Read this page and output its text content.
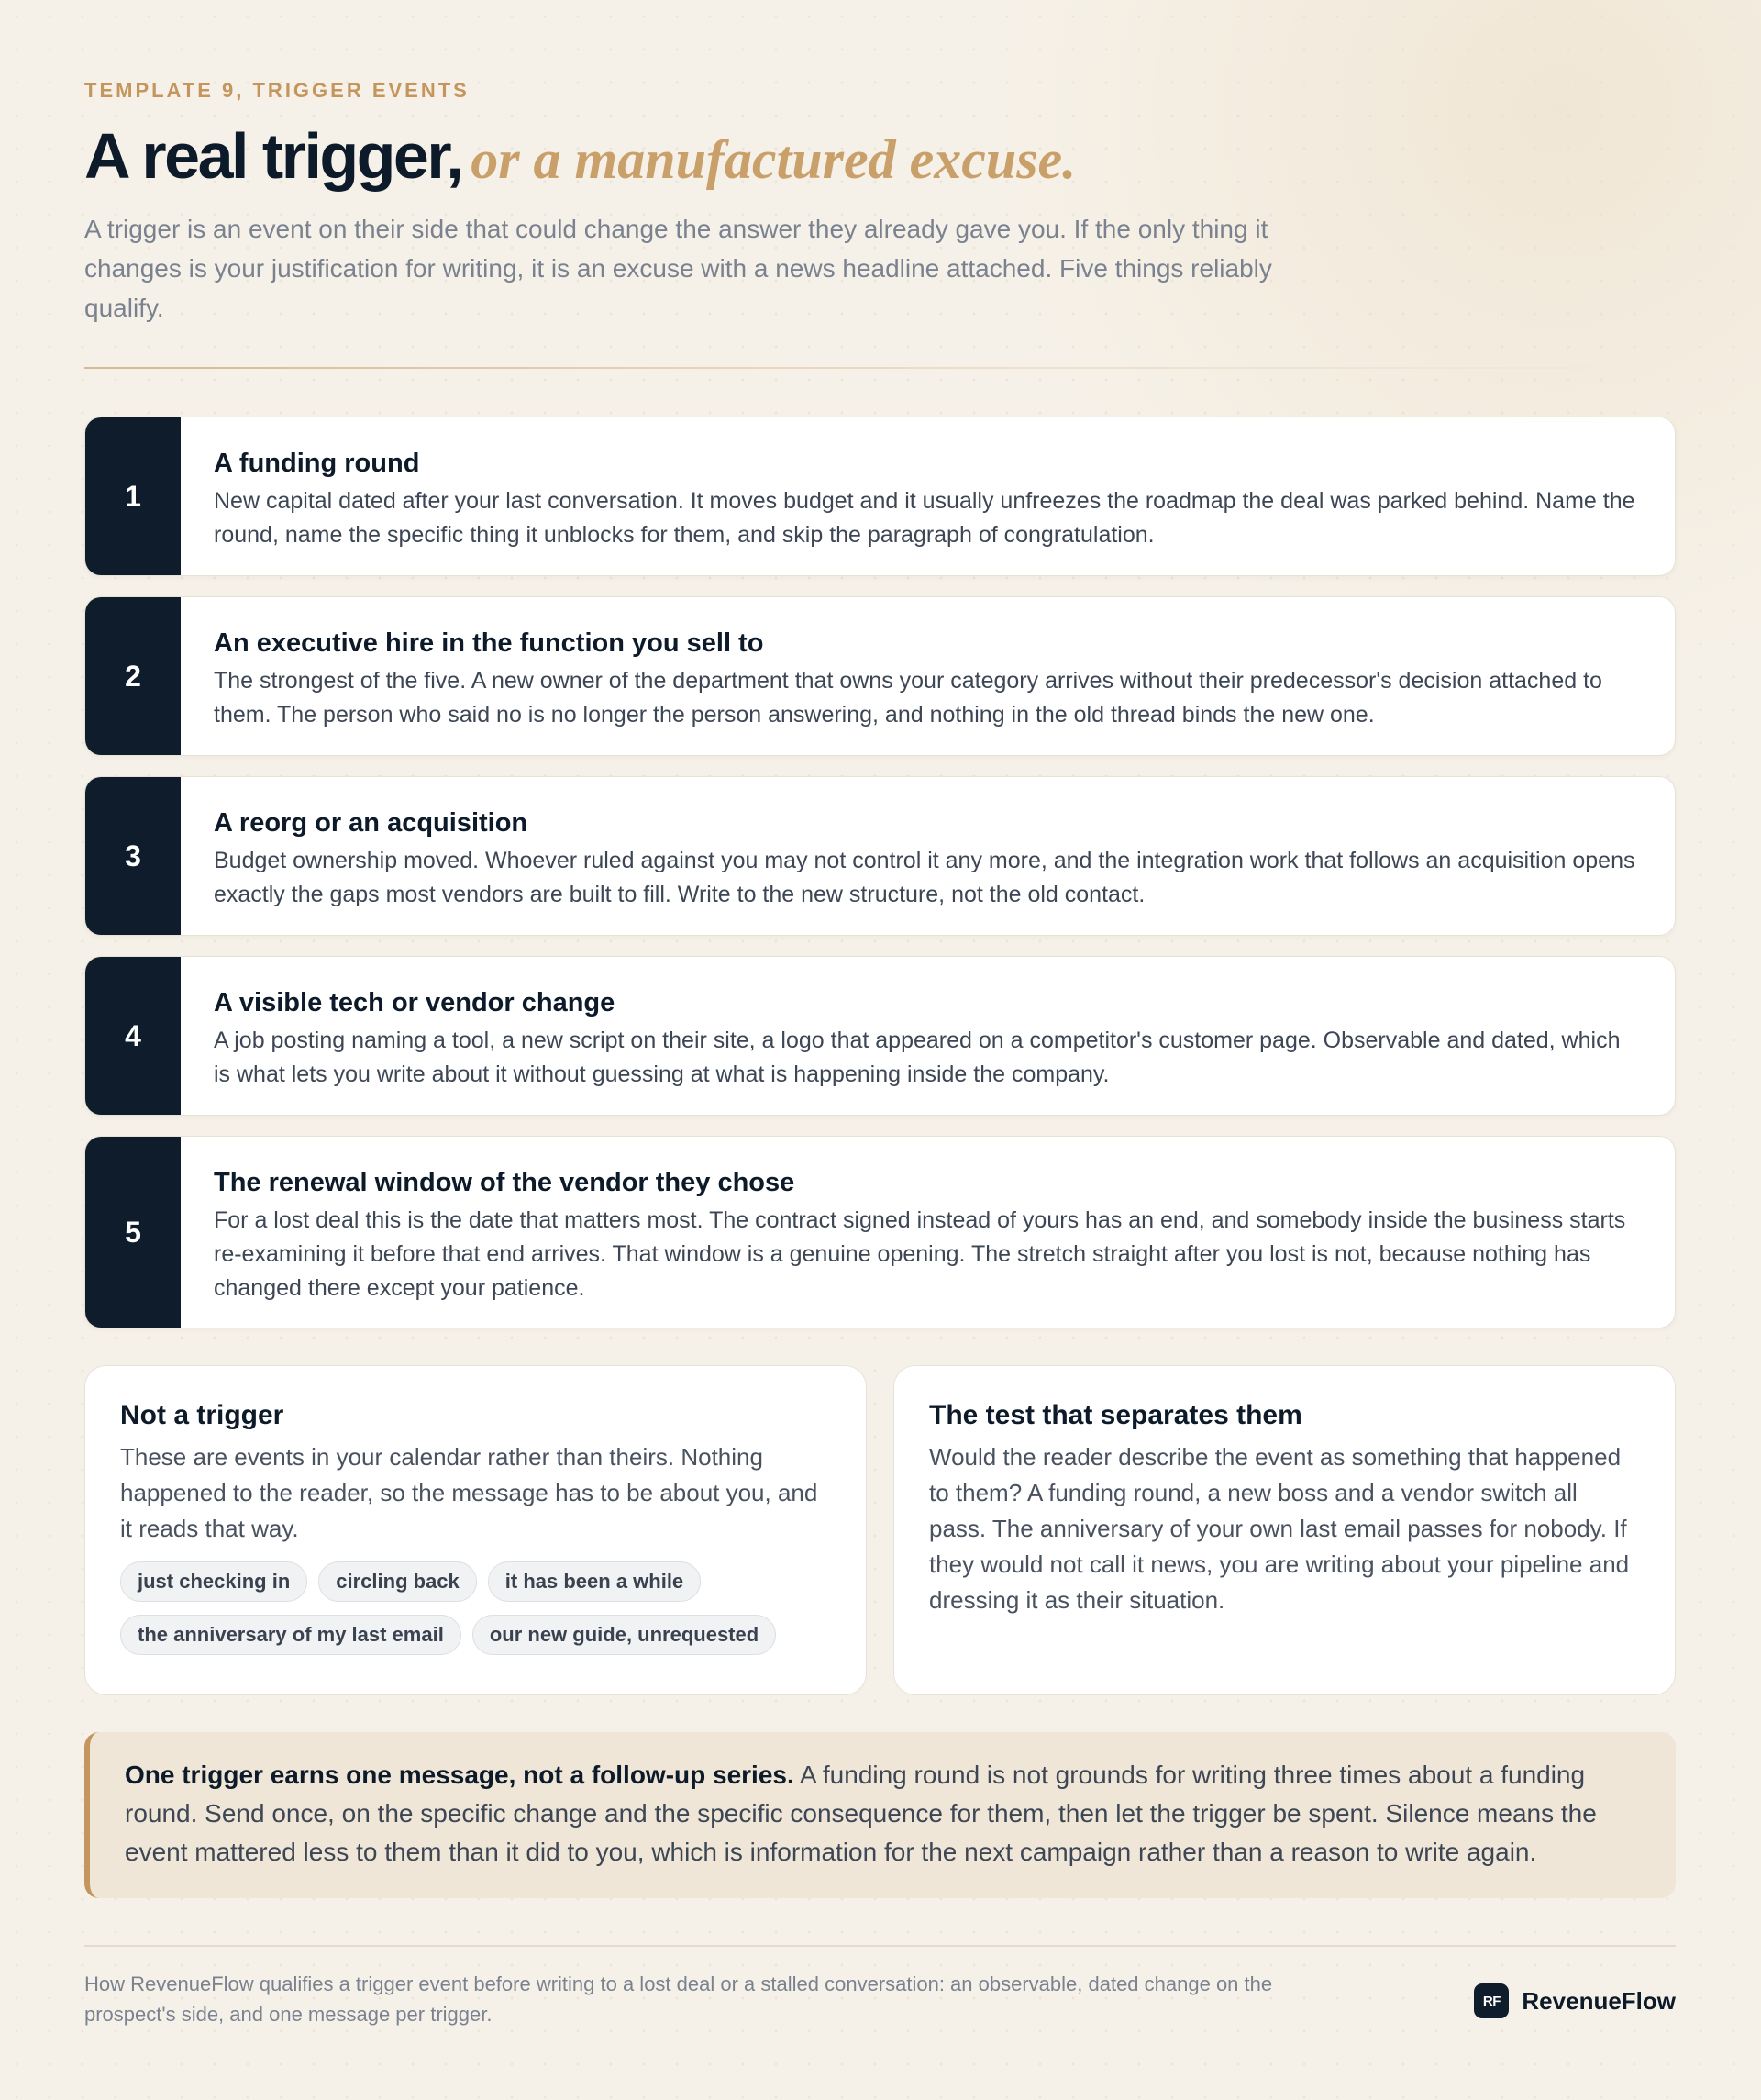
TEMPLATE 9, TRIGGER EVENTS
A real trigger, or a manufactured excuse.

A trigger is an event on their side that could change the answer they already gave you. If the only thing it changes is your justification for writing, it is an excuse with a news headline attached. Five things reliably qualify.

1
A funding round
New capital dated after your last conversation. It moves budget and it usually unfreezes the roadmap the deal was parked behind. Name the round, name the specific thing it unblocks for them, and skip the paragraph of congratulation.
2
An executive hire in the function you sell to
The strongest of the five. A new owner of the department that owns your category arrives without their predecessor's decision attached to them. The person who said no is no longer the person answering, and nothing in the old thread binds the new one.
3
A reorg or an acquisition
Budget ownership moved. Whoever ruled against you may not control it any more, and the integration work that follows an acquisition opens exactly the gaps most vendors are built to fill. Write to the new structure, not the old contact.
4
A visible tech or vendor change
A job posting naming a tool, a new script on their site, a logo that appeared on a competitor's customer page. Observable and dated, which is what lets you write about it without guessing at what is happening inside the company.
5
The renewal window of the vendor they chose
For a lost deal this is the date that matters most. The contract signed instead of yours has an end, and somebody inside the business starts re-examining it before that end arrives. That window is a genuine opening. The stretch straight after you lost is not, because nothing has changed there except your patience.
Not a trigger
These are events in your calendar rather than theirs. Nothing happened to the reader, so the message has to be about you, and it reads that way.
just checking in	circling back	it has been a while
the anniversary of my last email	our new guide, unrequested
The test that separates them
Would the reader describe the event as something that happened to them? A funding round, a new boss and a vendor switch all pass. The anniversary of your own last email passes for nobody. If they would not call it news, you are writing about your pipeline and dressing it as their situation.
One trigger earns one message, not a follow-up series. A funding round is not grounds for writing three times about a funding round. Send once, on the specific change and the specific consequence for them, then let the trigger be spent. Silence means the event mattered less to them than it did to you, which is information for the next campaign rather than a reason to write again.

How RevenueFlow qualifies a trigger event before writing to a lost deal or a stalled conversation: an observable, dated change on the prospect's side, and one message per trigger.

RF RevenueFlow
